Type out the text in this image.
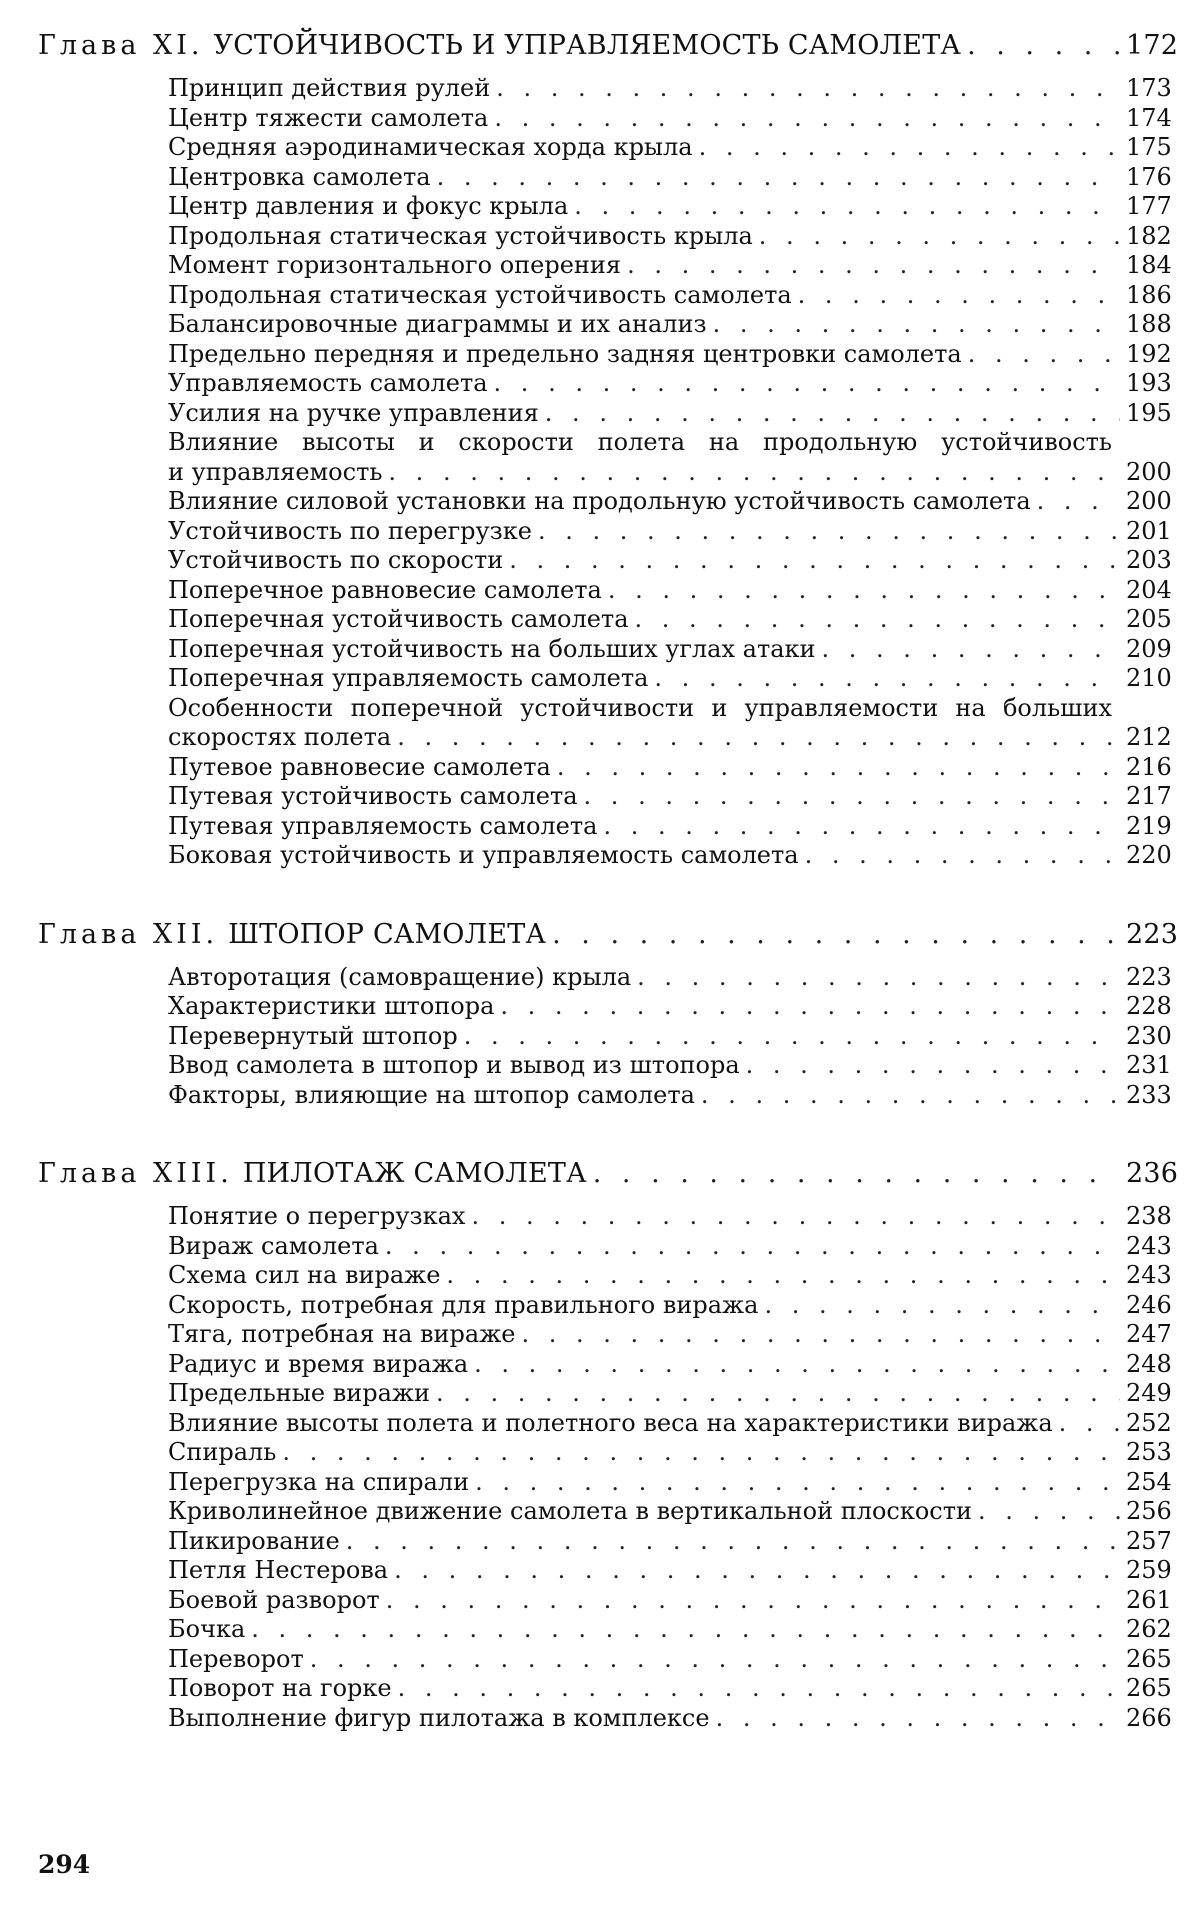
Глава XI. УСТОЙЧИВОСТЬ И УПРАВЛЯЕМОСТЬ САМОЛЕТА . . .	172
Принцип действия рулей . . .	173
Центр тяжести самолета . . .	174
Средняя аэродинамическая хорда крыла . . .	175
Центровка самолета . . .	176
Центр давления и фокус крыла . . .	177
Продольная статическая устойчивость крыла . . .	182
Момент горизонтального оперения . . .	184
Продольная статическая устойчивость самолета . . .	186
Балансировочные диаграммы и их анализ . . .	188
Предельно передняя и предельно задняя центровки самолета . . .	192
Управляемость самолета . . .	193
Усилия на ручке управления . . .	195
Влияние высоты и скорости полета на продольную устойчивость
и управляемость . . .	200
Влияние силовой установки на продольную устойчивость самолета . . .	200
Устойчивость по перегрузке . . .	201
Устойчивость по скорости . . .	203
Поперечное равновесие самолета . . .	204
Поперечная устойчивость самолета . . .	205
Поперечная устойчивость на больших углах атаки . . .	209
Поперечная управляемость самолета . . .	210
Особенности поперечной устойчивости и управляемости на больших
скоростях полета . . .	212
Путевое равновесие самолета . . .	216
Путевая устойчивость самолета . . .	217
Путевая управляемость самолета . . .	219
Боковая устойчивость и управляемость самолета . . .	220
Глава XII. ШТОПОР САМОЛЕТА . . .	223
Авторотация (самовращение) крыла . . .	223
Характеристики штопора . . .	228
Перевернутый штопор . . .	230
Ввод самолета в штопор и вывод из штопора . . .	231
Факторы, влияющие на штопор самолета . . .	233
Глава XIII. ПИЛОТАЖ САМОЛЕТА . . .	236
Понятие о перегрузках . . .	238
Вираж самолета . . .	243
Схема сил на вираже . . .	243
Скорость, потребная для правильного виража . . .	246
Тяга, потребная на вираже . . .	247
Радиус и время виража . . .	248
Предельные виражи . . .	249
Влияние высоты полета и полетного веса на характеристики виража . . .	252
Спираль . . .	253
Перегрузка на спирали . . .	254
Криволинейное движение самолета в вертикальной плоскости . . .	256
Пикирование . . .	257
Петля Нестерова . . .	259
Боевой разворот . . .	261
Бочка . . .	262
Переворот . . .	265
Поворот на горке . . .	265
Выполнение фигур пилотажа в комплексе . . .	266
294
